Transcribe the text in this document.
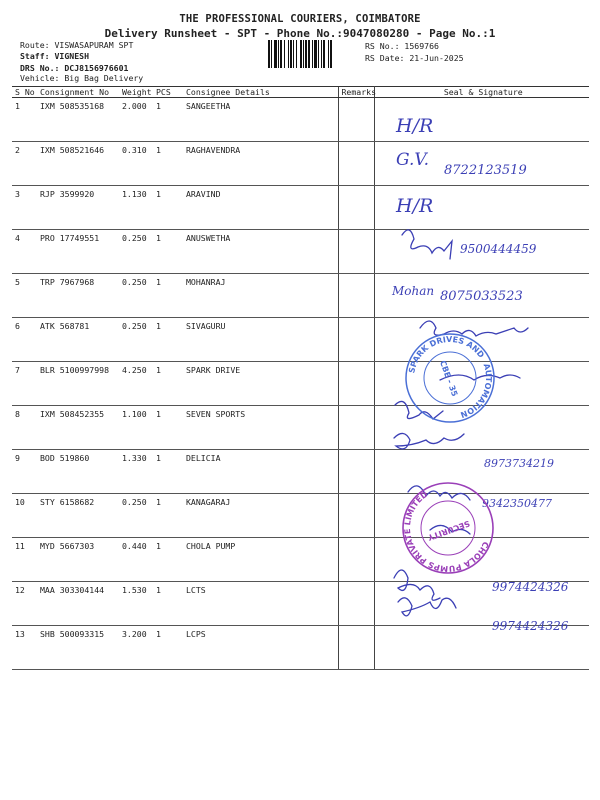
THE PROFESSIONAL COURIERS, COIMBATORE
Delivery Runsheet - SPT - Phone No.:9047080280 - Page No.:1
Route: VISWASAPURAM SPT
Staff: VIGNESH
DRS No.: DCJ8156976601
Vehicle: Big Bag Delivery
RS No.: 1569766
RS Date: 21-Jun-2025
S No	Consignment No	Weight	PCS	Consignee Details	Remarks	Seal & Signature
1	IXM 508535168	2.000	1	SANGEETHA		
2	IXM 508521646	0.310	1	RAGHAVENDRA		
3	RJP 3599920	1.130	1	ARAVIND		
4	PRO 17749551	0.250	1	ANUSWETHA		
5	TRP 7967968	0.250	1	MOHANRAJ		
6	ATK 568781	0.250	1	SIVAGURU		
7	BLR 5100997998	4.250	1	SPARK DRIVE		
8	IXM 508452355	1.100	1	SEVEN SPORTS		
9	BOD 519860	1.330	1	DELICIA		
10	STY 6158682	0.250	1	KANAGARAJ		
11	MYD 5667303	0.440	1	CHOLA PUMP		
12	MAA 303304144	1.530	1	LCTS		
13	SHB 500093315	3.200	1	LCPS		
H/R
G.V.
8722123519
H/R
9500444459
Mohan 8075033523
8973734219
9342350477
9974424326
9974424326
SPARK DRIVES AND AUTOMATION
CBE - 35
CHOLA PUMPS PRIVATE LIMITED
SECURITY
